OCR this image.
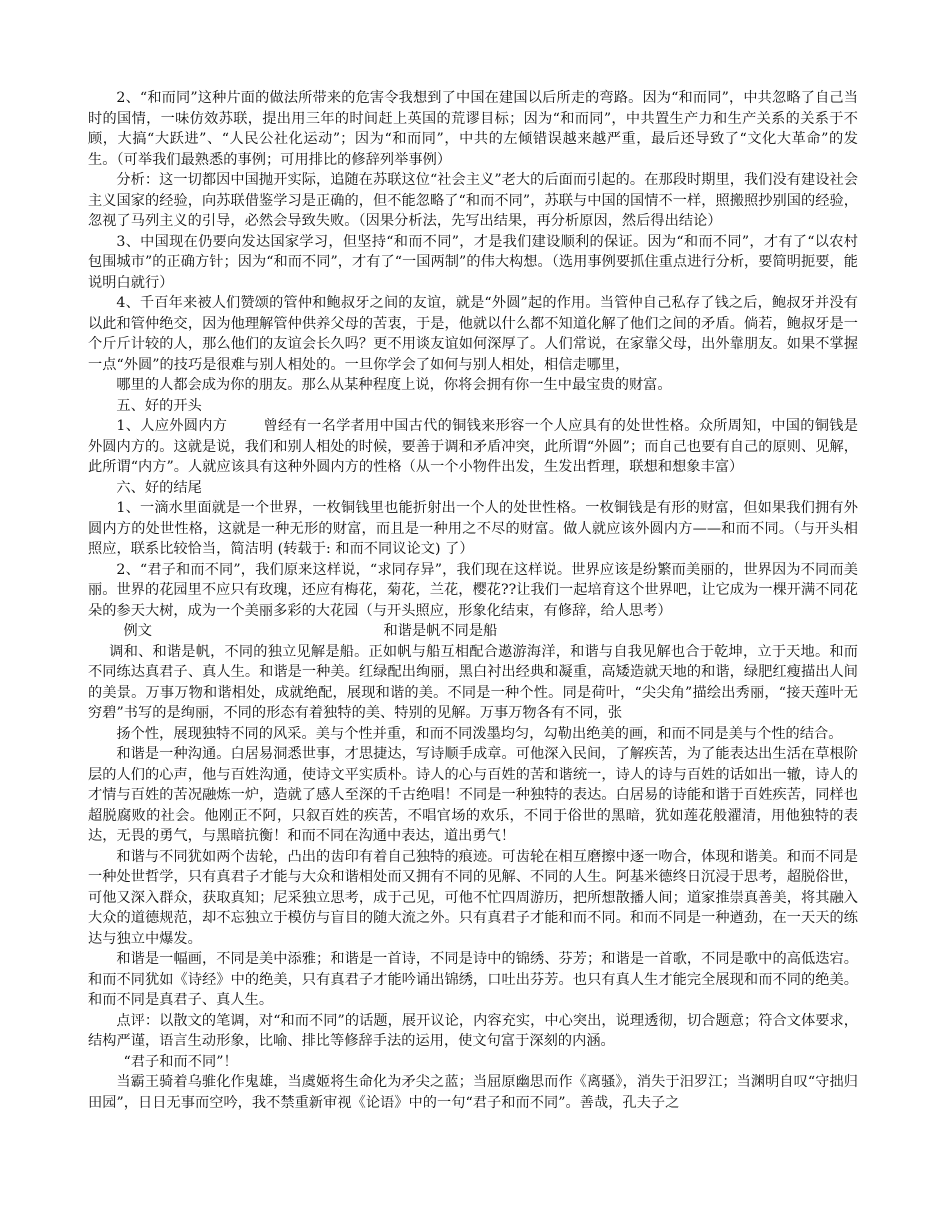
2、“和而同”这种片面的做法所带来的危害令我想到了中国在建国以后所走的弯路。因为“和而同”，中共忽略了自己当时的国情，一味仿效苏联，提出用三年的时间赶上英国的荒谬目标；因为“和而同”，中共置生产力和生产关系的关系于不顾，大搞“大跃进”、“人民公社化运动”；因为“和而同”，中共的左倾错误越来越严重，最后还导致了“文化大革命”的发生。（可举我们最熟悉的事例；可用排比的修辞列举事例）

分析：这一切都因中国抛开实际，追随在苏联这位“社会主义”老大的后面而引起的。在那段时期里，我们没有建设社会主义国家的经验，向苏联借鉴学习是正确的，但不能忽略了“和而不同”，苏联与中国的国情不一样，照搬照抄别国的经验，忽视了马列主义的引导，必然会导致失败。（因果分析法，先写出结果，再分析原因，然后得出结论）

3、中国现在仍要向发达国家学习，但坚持“和而不同”，才是我们建设顺利的保证。因为“和而不同”，才有了“以农村包围城市”的正确方针；因为“和而不同”，才有了“一国两制”的伟大构想。（选用事例要抓住重点进行分析，要简明扼要，能说明白就行）

4、千百年来被人们赞颂的管仲和鲍叔牙之间的友谊，就是“外圆”起的作用。当管仲自己私存了钱之后，鲍叔牙并没有以此和管仲绝交，因为他理解管仲供养父母的苦衷，于是，他就以什么都不知道化解了他们之间的矛盾。倘若，鲍叔牙是一个斤斤计较的人，那么他们的友谊会长久吗？更不用谈友谊如何深厚了。人们常说，在家靠父母，出外靠朋友。如果不掌握一点“外圆”的技巧是很难与别人相处的。一旦你学会了如何与别人相处，相信走哪里，

哪里的人都会成为你的朋友。那么从某种程度上说，你将会拥有你一生中最宝贵的财富。

五、好的开头

1、人应外圆内方	曾经有一名学者用中国古代的铜钱来形容一个人应具有的处世性格。众所周知，中国的铜钱是外圆内方的。这就是说，我们和别人相处的时候，要善于调和矛盾冲突，此所谓“外圆”；而自己也要有自己的原则、见解，此所谓“内方”。人就应该具有这种外圆内方的性格（从一个小物件出发，生发出哲理，联想和想象丰富）

六、好的结尾

1、一滴水里面就是一个世界，一枚铜钱里也能折射出一个人的处世性格。一枚铜钱是有形的财富，但如果我们拥有外圆内方的处世性格，这就是一种无形的财富，而且是一种用之不尽的财富。做人就应该外圆内方——和而不同。（与开头相照应，联系比较恰当，简洁明 (转载于: 和而不同议论文) 了）

2、“君子和而不同”，我们原来这样说，“求同存异”，我们现在这样说。世界应该是纷繁而美丽的，世界因为不同而美丽。世界的花园里不应只有玫瑰，还应有梅花，菊花，兰花，樱花??让我们一起培育这个世界吧，让它成为一棵开满不同花朵的参天大树，成为一个美丽多彩的大花园（与开头照应，形象化结束，有修辞，给人思考）

例文	和谐是帆不同是船

调和、和谐是帆，不同的独立见解是船。正如帆与船互相配合遨游海洋，和谐与自我见解也合于乾坤，立于天地。和而不同练达真君子、真人生。和谐是一种美。红绿配出绚丽，黑白衬出经典和凝重，高矮造就天地的和谐，绿肥红瘦描出人间的美景。万事万物和谐相处，成就绝配，展现和谐的美。不同是一种个性。同是荷叶，“尖尖角”描绘出秀丽，“接天莲叶无穷碧”书写的是绚丽，不同的形态有着独特的美、特别的见解。万事万物各有不同，张

扬个性，展现独特不同的风采。美与个性并重，和而不同泼墨均匀，勾勒出绝美的画，和而不同是美与个性的结合。

和谐是一种沟通。白居易洞悉世事，才思捷达，写诗顺手成章。可他深入民间，了解疾苦，为了能表达出生活在草根阶层的人们的心声，他与百姓沟通，使诗文平实质朴。诗人的心与百姓的苦和谐统一，诗人的诗与百姓的话如出一辙，诗人的才情与百姓的苦况融炼一炉，造就了感人至深的千古绝唱！不同是一种独特的表达。白居易的诗能和谐于百姓疾苦，同样也超脱腐败的社会。他刚正不阿，只叙百姓的疾苦，不唱官场的欢乐，不同于俗世的黑暗，犹如莲花般濯清，用他独特的表达，无畏的勇气，与黑暗抗衡！和而不同在沟通中表达，道出勇气！

和谐与不同犹如两个齿轮，凸出的齿印有着自己独特的痕迹。可齿轮在相互磨擦中逐一吻合，体现和谐美。和而不同是一种处世哲学，只有真君子才能与大众和谐相处而又拥有不同的见解、不同的人生。阿基米德终日沉浸于思考，超脱俗世，可他又深入群众，获取真知；尼采独立思考，成于己见，可他不忙四周游历，把所想散播人间；道家推崇真善美，将其融入大众的道德规范，却不忘独立于模仿与盲目的随大流之外。只有真君子才能和而不同。和而不同是一种遒劲，在一天天的练达与独立中爆发。

和谐是一幅画，不同是美中添雅；和谐是一首诗，不同是诗中的锦绣、芬芳；和谐是一首歌，不同是歌中的高低迭宕。和而不同犹如《诗经》中的绝美，只有真君子才能吟诵出锦绣，口吐出芬芳。也只有真人生才能完全展现和而不同的绝美。和而不同是真君子、真人生。

点评：以散文的笔调，对“和而不同”的话题，展开议论，内容充实，中心突出，说理透彻，切合题意；符合文体要求，结构严谨，语言生动形象，比喻、排比等修辞手法的运用，使文句富于深刻的内涵。

“君子和而不同”！

当霸王骑着乌骓化作鬼雄，当虞姬将生命化为矛尖之蓝；当屈原幽思而作《离骚》，消失于汨罗江；当渊明自叹“守拙归田园”，日日无事而空吟，我不禁重新审视《论语》中的一句“君子和而不同”。善哉，孔夫子之
